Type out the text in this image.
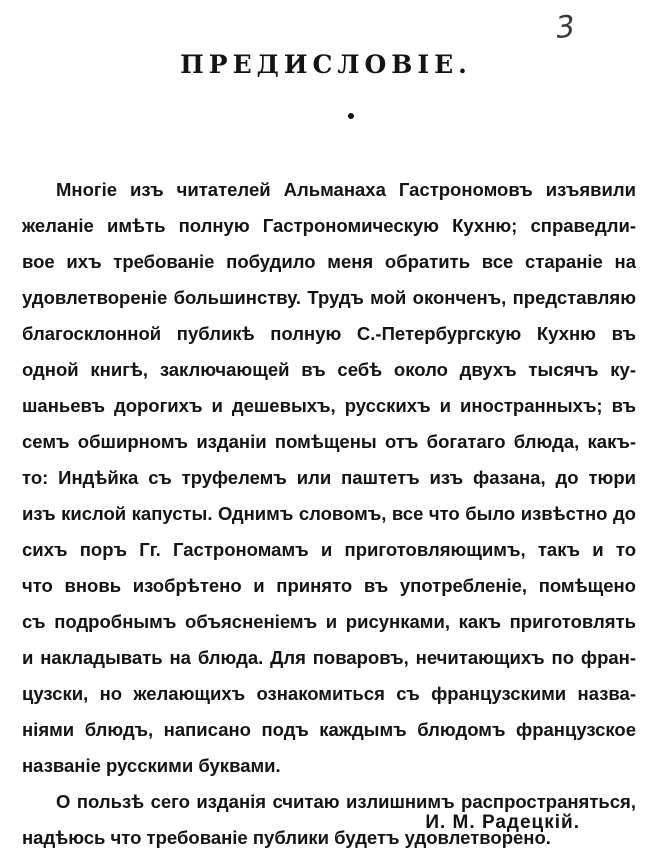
3
ПРЕДИСЛОВІЕ.
Многіе изъ читателей Альманаха Гастрономовъ изъявили
желаніе имѣть полную Гастрономическую Кухню; справедли-
вое ихъ требованіе побудило меня обратить все стараніе на
удовлетвореніе большинству. Трудъ мой оконченъ, представляю
благосклонной публикѣ полную С.-Петербургскую Кухню въ
одной книгѣ, заключающей въ себѣ около двухъ тысячъ ку-
шаньевъ дорогихъ и дешевыхъ, русскихъ и иностранныхъ; въ
семъ обширномъ изданіи помѣщены отъ богатаго блюда, какъ-
то: Индѣйка съ труфелемъ или паштетъ изъ фазана, до тюри
изъ кислой капусты. Однимъ словомъ, все что было извѣстно до
сихъ поръ Гг. Гастрономамъ и приготовляющимъ, такъ и то
что вновь изобрѣтено и принято въ употребленіе, помѣщено
съ подробнымъ объясненіемъ и рисунками, какъ приготовлять
и накладывать на блюда. Для поваровъ, нечитающихъ по фран-
цузски, но желающихъ ознакомиться съ французскими назва-
ніями блюдъ, написано подъ каждымъ блюдомъ французское
названіе русскими буквами.
О пользѣ сего изданія считаю излишнимъ распространяться,
надѣюсь что требованіе публики будетъ удовлетворено.
И. М. Радецкій.
